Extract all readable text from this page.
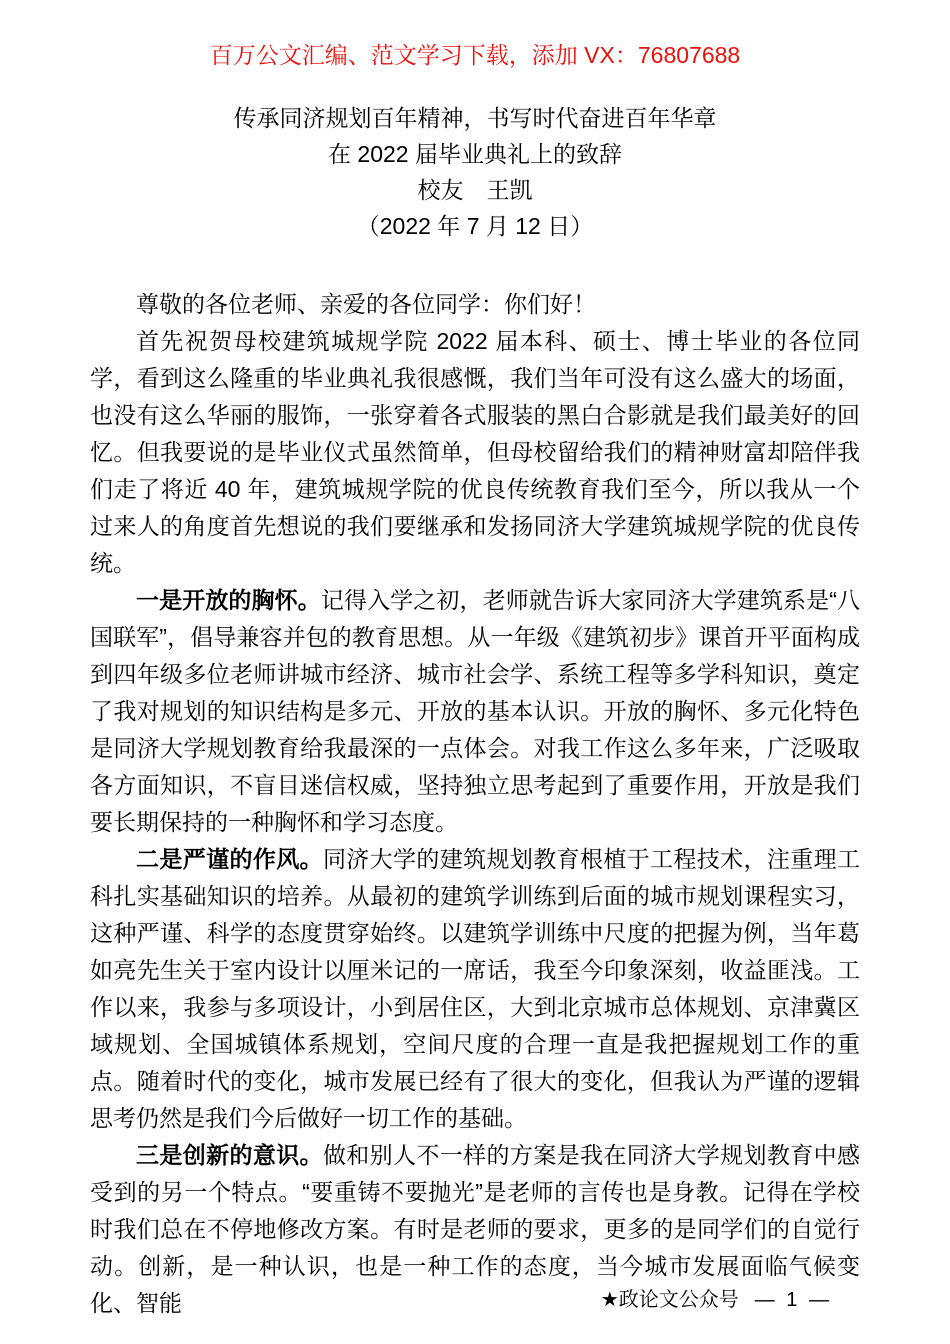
百万公文汇编、范文学习下载，添加 VX：76807688
传承同济规划百年精神，书写时代奋进百年华章
在 2022 届毕业典礼上的致辞
校友　王凯
（2022 年 7 月 12 日）

尊敬的各位老师、亲爱的各位同学：你们好！

首先祝贺母校建筑城规学院 2022 届本科、硕士、博士毕业的各位同学，看到这么隆重的毕业典礼我很感慨，我们当年可没有这么盛大的场面，也没有这么华丽的服饰，一张穿着各式服装的黑白合影就是我们最美好的回忆。但我要说的是毕业仪式虽然简单，但母校留给我们的精神财富却陪伴我们走了将近 40 年，建筑城规学院的优良传统教育我们至今，所以我从一个过来人的角度首先想说的我们要继承和发扬同济大学建筑城规学院的优良传统。

一是开放的胸怀。记得入学之初，老师就告诉大家同济大学建筑系是“八国联军”，倡导兼容并包的教育思想。从一年级《建筑初步》课首开平面构成到四年级多位老师讲城市经济、城市社会学、系统工程等多学科知识，奠定了我对规划的知识结构是多元、开放的基本认识。开放的胸怀、多元化特色是同济大学规划教育给我最深的一点体会。对我工作这么多年来，广泛吸取各方面知识，不盲目迷信权威，坚持独立思考起到了重要作用，开放是我们要长期保持的一种胸怀和学习态度。

二是严谨的作风。同济大学的建筑规划教育根植于工程技术，注重理工科扎实基础知识的培养。从最初的建筑学训练到后面的城市规划课程实习，这种严谨、科学的态度贯穿始终。以建筑学训练中尺度的把握为例，当年葛如亮先生关于室内设计以厘米记的一席话，我至今印象深刻，收益匪浅。工作以来，我参与多项设计，小到居住区，大到北京城市总体规划、京津冀区域规划、全国城镇体系规划，空间尺度的合理一直是我把握规划工作的重点。随着时代的变化，城市发展已经有了很大的变化，但我认为严谨的逻辑思考仍然是我们今后做好一切工作的基础。

三是创新的意识。做和别人不一样的方案是我在同济大学规划教育中感受到的另一个特点。“要重铸不要抛光”是老师的言传也是身教。记得在学校时我们总在不停地修改方案。有时是老师的要求，更多的是同学们的自觉行动。创新，是一种认识，也是一种工作的态度，当今城市发展面临气候变化、智能	★政论文公众号 — 1 —
